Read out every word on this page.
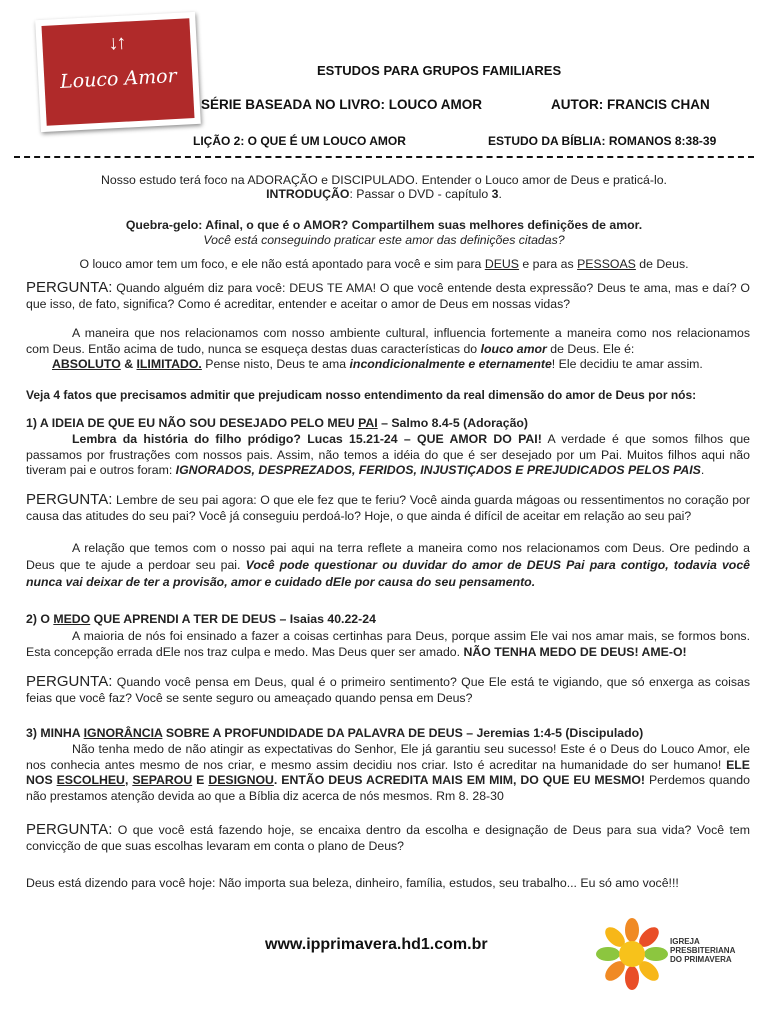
↓↑
Louco Amor	ESTUDOS PARA GRUPOS FAMILIARES
SÉRIE BASEADA NO LIVRO: LOUCO AMOR	AUTOR: FRANCIS CHAN
LIÇÃO 2: O QUE É UM LOUCO AMOR	ESTUDO DA BÍBLIA: ROMANOS 8:38-39
Nosso estudo terá foco na ADORAÇÃO e DISCIPULADO. Entender o Louco amor de Deus e praticá-lo.
INTRODUÇÃO: Passar o DVD - capítulo 3.
Quebra-gelo: Afinal, o que é o AMOR? Compartilhem suas melhores definições de amor.
Você está conseguindo praticar este amor das definições citadas?
O louco amor tem um foco, e ele não está apontado para você e sim para DEUS e para as PESSOAS de Deus.
PERGUNTA: Quando alguém diz para você: DEUS TE AMA! O que você entende desta expressão? Deus te ama, mas e daí? O que isso, de fato, significa? Como é acreditar, entender e aceitar o amor de Deus em nossas vidas?
A maneira que nos relacionamos com nosso ambiente cultural, influencia fortemente a maneira como nos relacionamos com Deus. Então acima de tudo, nunca se esqueça destas duas características do louco amor de Deus. Ele é:
ABSOLUTO & ILIMITADO. Pense nisto, Deus te ama incondicionalmente e eternamente! Ele decidiu te amar assim.
Veja 4 fatos que precisamos admitir que prejudicam nosso entendimento da real dimensão do amor de Deus por nós:
1) A IDEIA DE QUE EU NÃO SOU DESEJADO PELO MEU PAI – Salmo 8.4-5 (Adoração)
Lembra da história do filho pródigo? Lucas 15.21-24 – QUE AMOR DO PAI! A verdade é que somos filhos que passamos por frustrações com nossos pais. Assim, não temos a idéia do que é ser desejado por um Pai. Muitos filhos aqui não tiveram pai e outros foram: IGNORADOS, DESPREZADOS, FERIDOS, INJUSTIÇADOS E PREJUDICADOS PELOS PAIS.
PERGUNTA: Lembre de seu pai agora: O que ele fez que te feriu? Você ainda guarda mágoas ou ressentimentos no coração por causa das atitudes do seu pai? Você já conseguiu perdoá-lo? Hoje, o que ainda é difícil de aceitar em relação ao seu pai?
A relação que temos com o nosso pai aqui na terra reflete a maneira como nos relacionamos com Deus. Ore pedindo a Deus que te ajude a perdoar seu pai. Você pode questionar ou duvidar do amor de DEUS Pai para contigo, todavia você nunca vai deixar de ter a provisão, amor e cuidado dEle por causa do seu pensamento.
2) O MEDO QUE APRENDI A TER DE DEUS – Isaias 40.22-24
A maioria de nós foi ensinado a fazer a coisas certinhas para Deus, porque assim Ele vai nos amar mais, se formos bons. Esta concepção errada dEle nos traz culpa e medo. Mas Deus quer ser amado. NÃO TENHA MEDO DE DEUS! AME-O!
PERGUNTA: Quando você pensa em Deus, qual é o primeiro sentimento? Que Ele está te vigiando, que só enxerga as coisas feias que você faz? Você se sente seguro ou ameaçado quando pensa em Deus?
3) MINHA IGNORÂNCIA SOBRE A PROFUNDIDADE DA PALAVRA DE DEUS – Jeremias 1:4-5 (Discipulado)
Não tenha medo de não atingir as expectativas do Senhor, Ele já garantiu seu sucesso! Este é o Deus do Louco Amor, ele nos conhecia antes mesmo de nos criar, e mesmo assim decidiu nos criar. Isto é acreditar na humanidade do ser humano! ELE NOS ESCOLHEU, SEPAROU E DESIGNOU. ENTÃO DEUS ACREDITA MAIS EM MIM, DO QUE EU MESMO! Perdemos quando não prestamos atenção devida ao que a Bíblia diz acerca de nós mesmos. Rm 8. 28-30
PERGUNTA: O que você está fazendo hoje, se encaixa dentro da escolha e designação de Deus para sua vida? Você tem convicção de que suas escolhas levaram em conta o plano de Deus?
Deus está dizendo para você hoje: Não importa sua beleza, dinheiro, família, estudos, seu trabalho... Eu só amo você!!!
www.ipprimavera.hd1.com.br	IGREJA
PRESBITERIANA
DO PRIMAVERA
